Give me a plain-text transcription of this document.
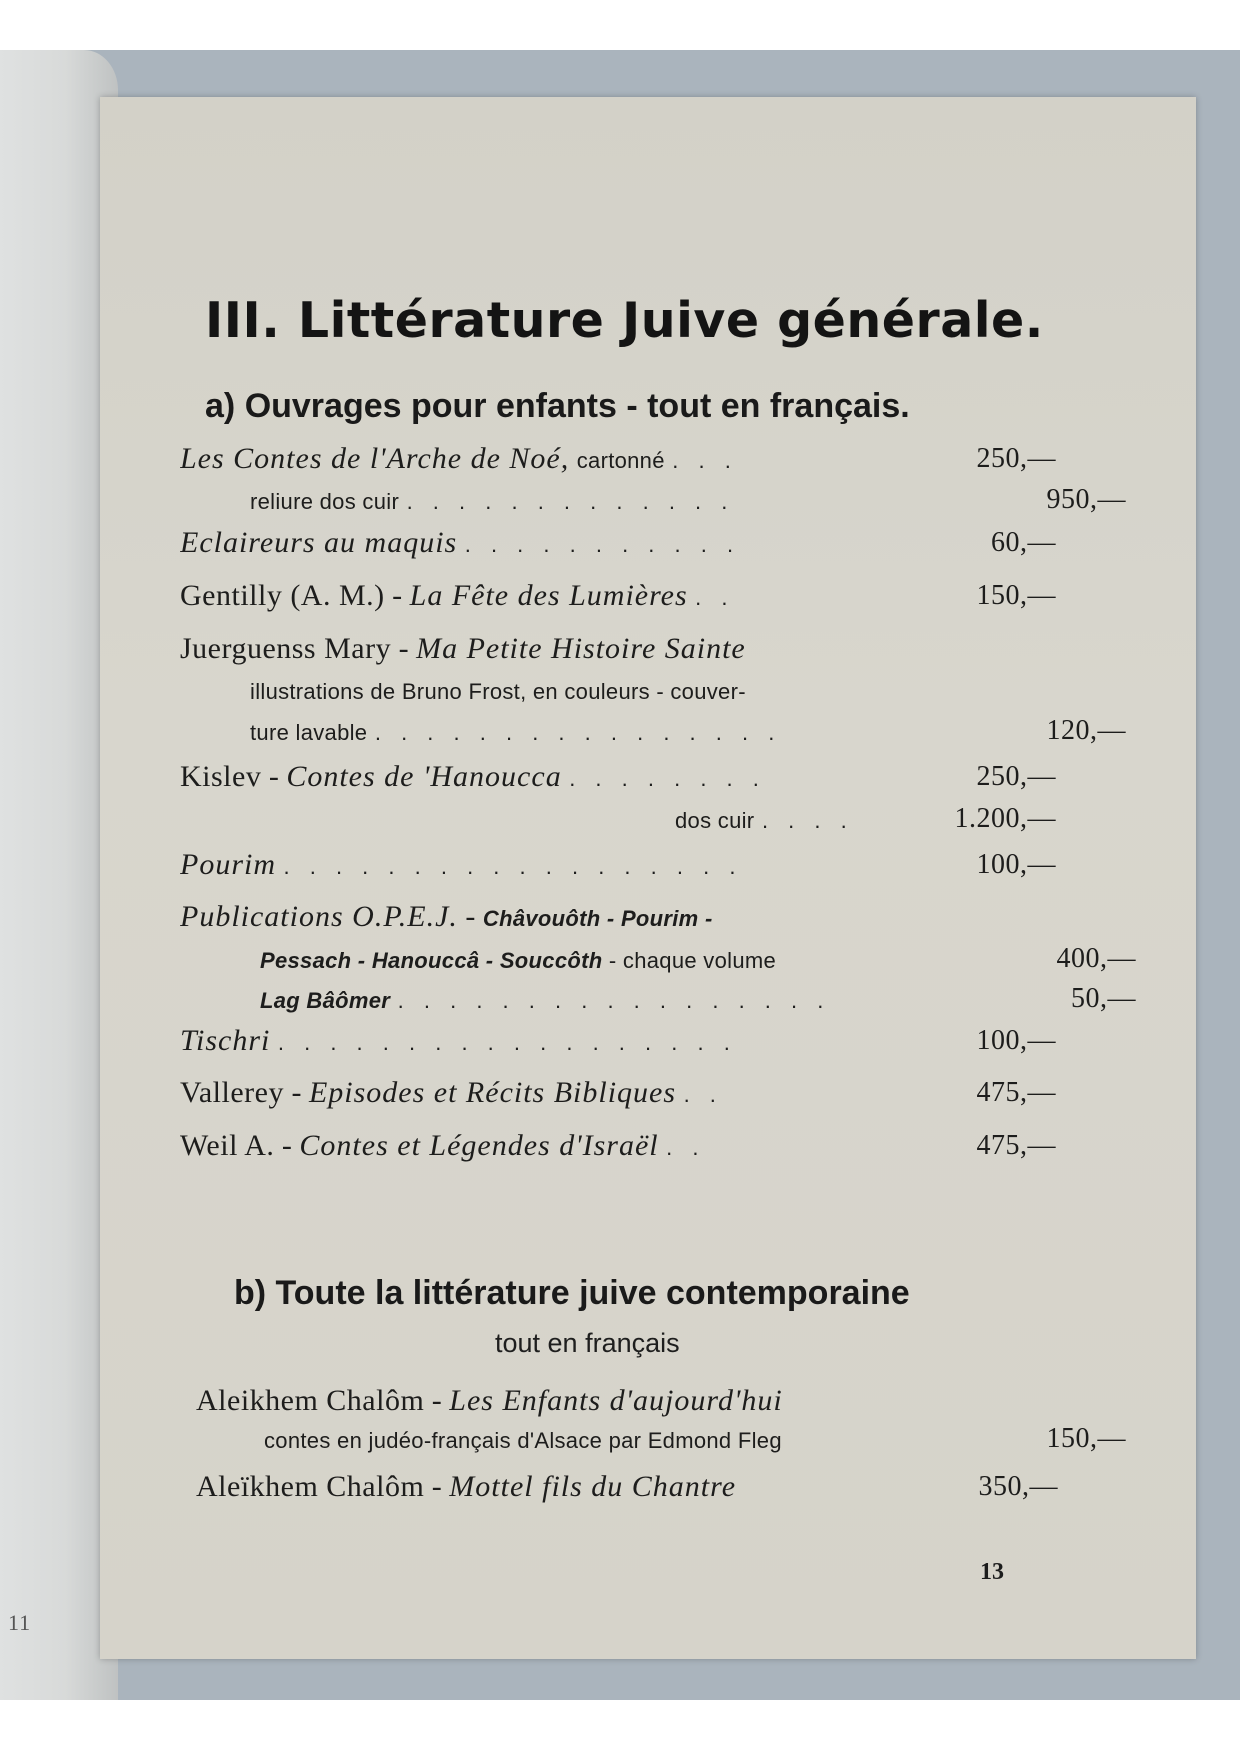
11
III. Littérature Juive générale.
a) Ouvrages pour enfants - tout en français.
Les Contes de l'Arche de Noé, cartonné . . .	250,—
reliure dos cuir . . . . . . . . . . . . .	950,—
Eclaireurs au maquis . . . . . . . . . . .	60,—
Gentilly (A. M.) - La Fête des Lumières . .	150,—
Juerguenss Mary - Ma Petite Histoire Sainte
illustrations de Bruno Frost, en couleurs - couver-
ture lavable . . . . . . . . . . . . . . . .	120,—
Kislev - Contes de 'Hanoucca . . . . . . . .	250,—
dos cuir . . . .	1.200,—
Pourim . . . . . . . . . . . . . . . . . .	100,—
Publications O.P.E.J. - Châvouôth - Pourim -
Pessach - Hanouccâ - Souccôth - chaque volume	400,—
Lag Bâômer . . . . . . . . . . . . . . . . .	50,—
Tischri . . . . . . . . . . . . . . . . . .	100,—
Vallerey - Episodes et Récits Bibliques . .	475,—
Weil A. - Contes et Légendes d'Israël . .	475,—
b) Toute la littérature juive contemporaine
tout en français
Aleikhem Chalôm - Les Enfants d'aujourd'hui
contes en judéo-français d'Alsace par Edmond Fleg	150,—
Aleïkhem Chalôm - Mottel fils du Chantre	350,—
13
